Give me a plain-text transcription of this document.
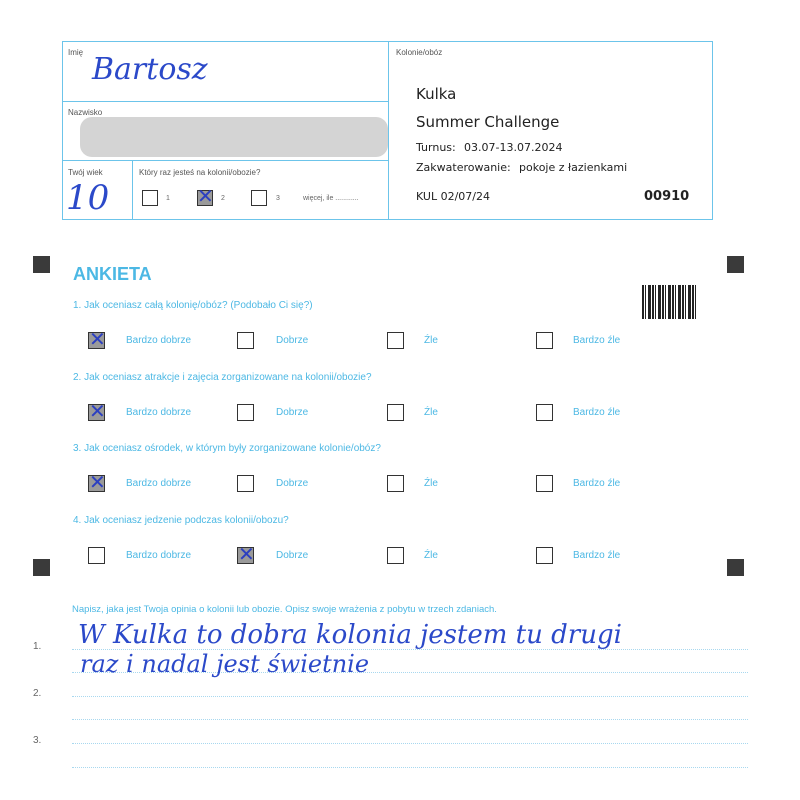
Imię Bartosz
Nazwisko
Twój wiek
10
Który raz jesteś na kolonii/obozie?
1 ✕ 2	3	więcej, ile ............
Kolonie/obóz
Kulka
Summer Challenge
Turnus: 03.07-13.07.2024
Zakwaterowanie: pokoje z łazienkami
KUL 02/07/24	00910
ANKIETA
1. Jak oceniasz całą kolonię/obóz? (Podobało Ci się?)
✕
Bardzo dobrze	Dobrze	Źle	Bardzo źle
2. Jak oceniasz atrakcje i zajęcia zorganizowane na kolonii/obozie?
✕
Bardzo dobrze	Dobrze	Źle	Bardzo źle
3. Jak oceniasz ośrodek, w którym były zorganizowane kolonie/obóz?
✕
Bardzo dobrze	Dobrze	Źle	Bardzo źle
4. Jak oceniasz jedzenie podczas kolonii/obozu?
Bardzo dobrze
✕	Dobrze	Źle	Bardzo źle
Napisz, jaka jest Twoja opinia o kolonii lub obozie. Opisz swoje wrażenia z pobytu w trzech zdaniach.
1.
2.
3.
W Kulka to dobra kolonia jestem tu drugi
raz i nadal jest świetnie
